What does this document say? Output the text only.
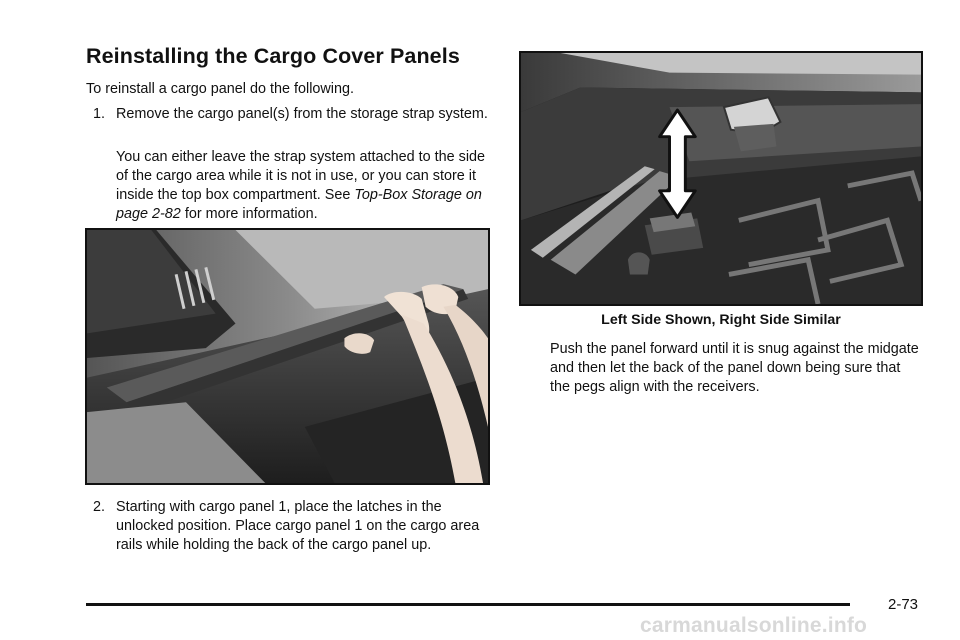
Reinstalling the Cargo Cover Panels

To reinstall a cargo panel do the following.

1. Remove the cargo panel(s) from the storage strap system.

You can either leave the strap system attached to the side of the cargo area while it is not in use, or you can store it inside the top box compartment. See Top-Box Storage on page 2-82 for more information.

2. Starting with cargo panel 1, place the latches in the unlocked position. Place cargo panel 1 on the cargo area rails while holding the back of the cargo panel up.

Left Side Shown, Right Side Similar

Push the panel forward until it is snug against the midgate and then let the back of the panel down being sure that the pegs align with the receivers.

2-73
carmanualsonline.info
